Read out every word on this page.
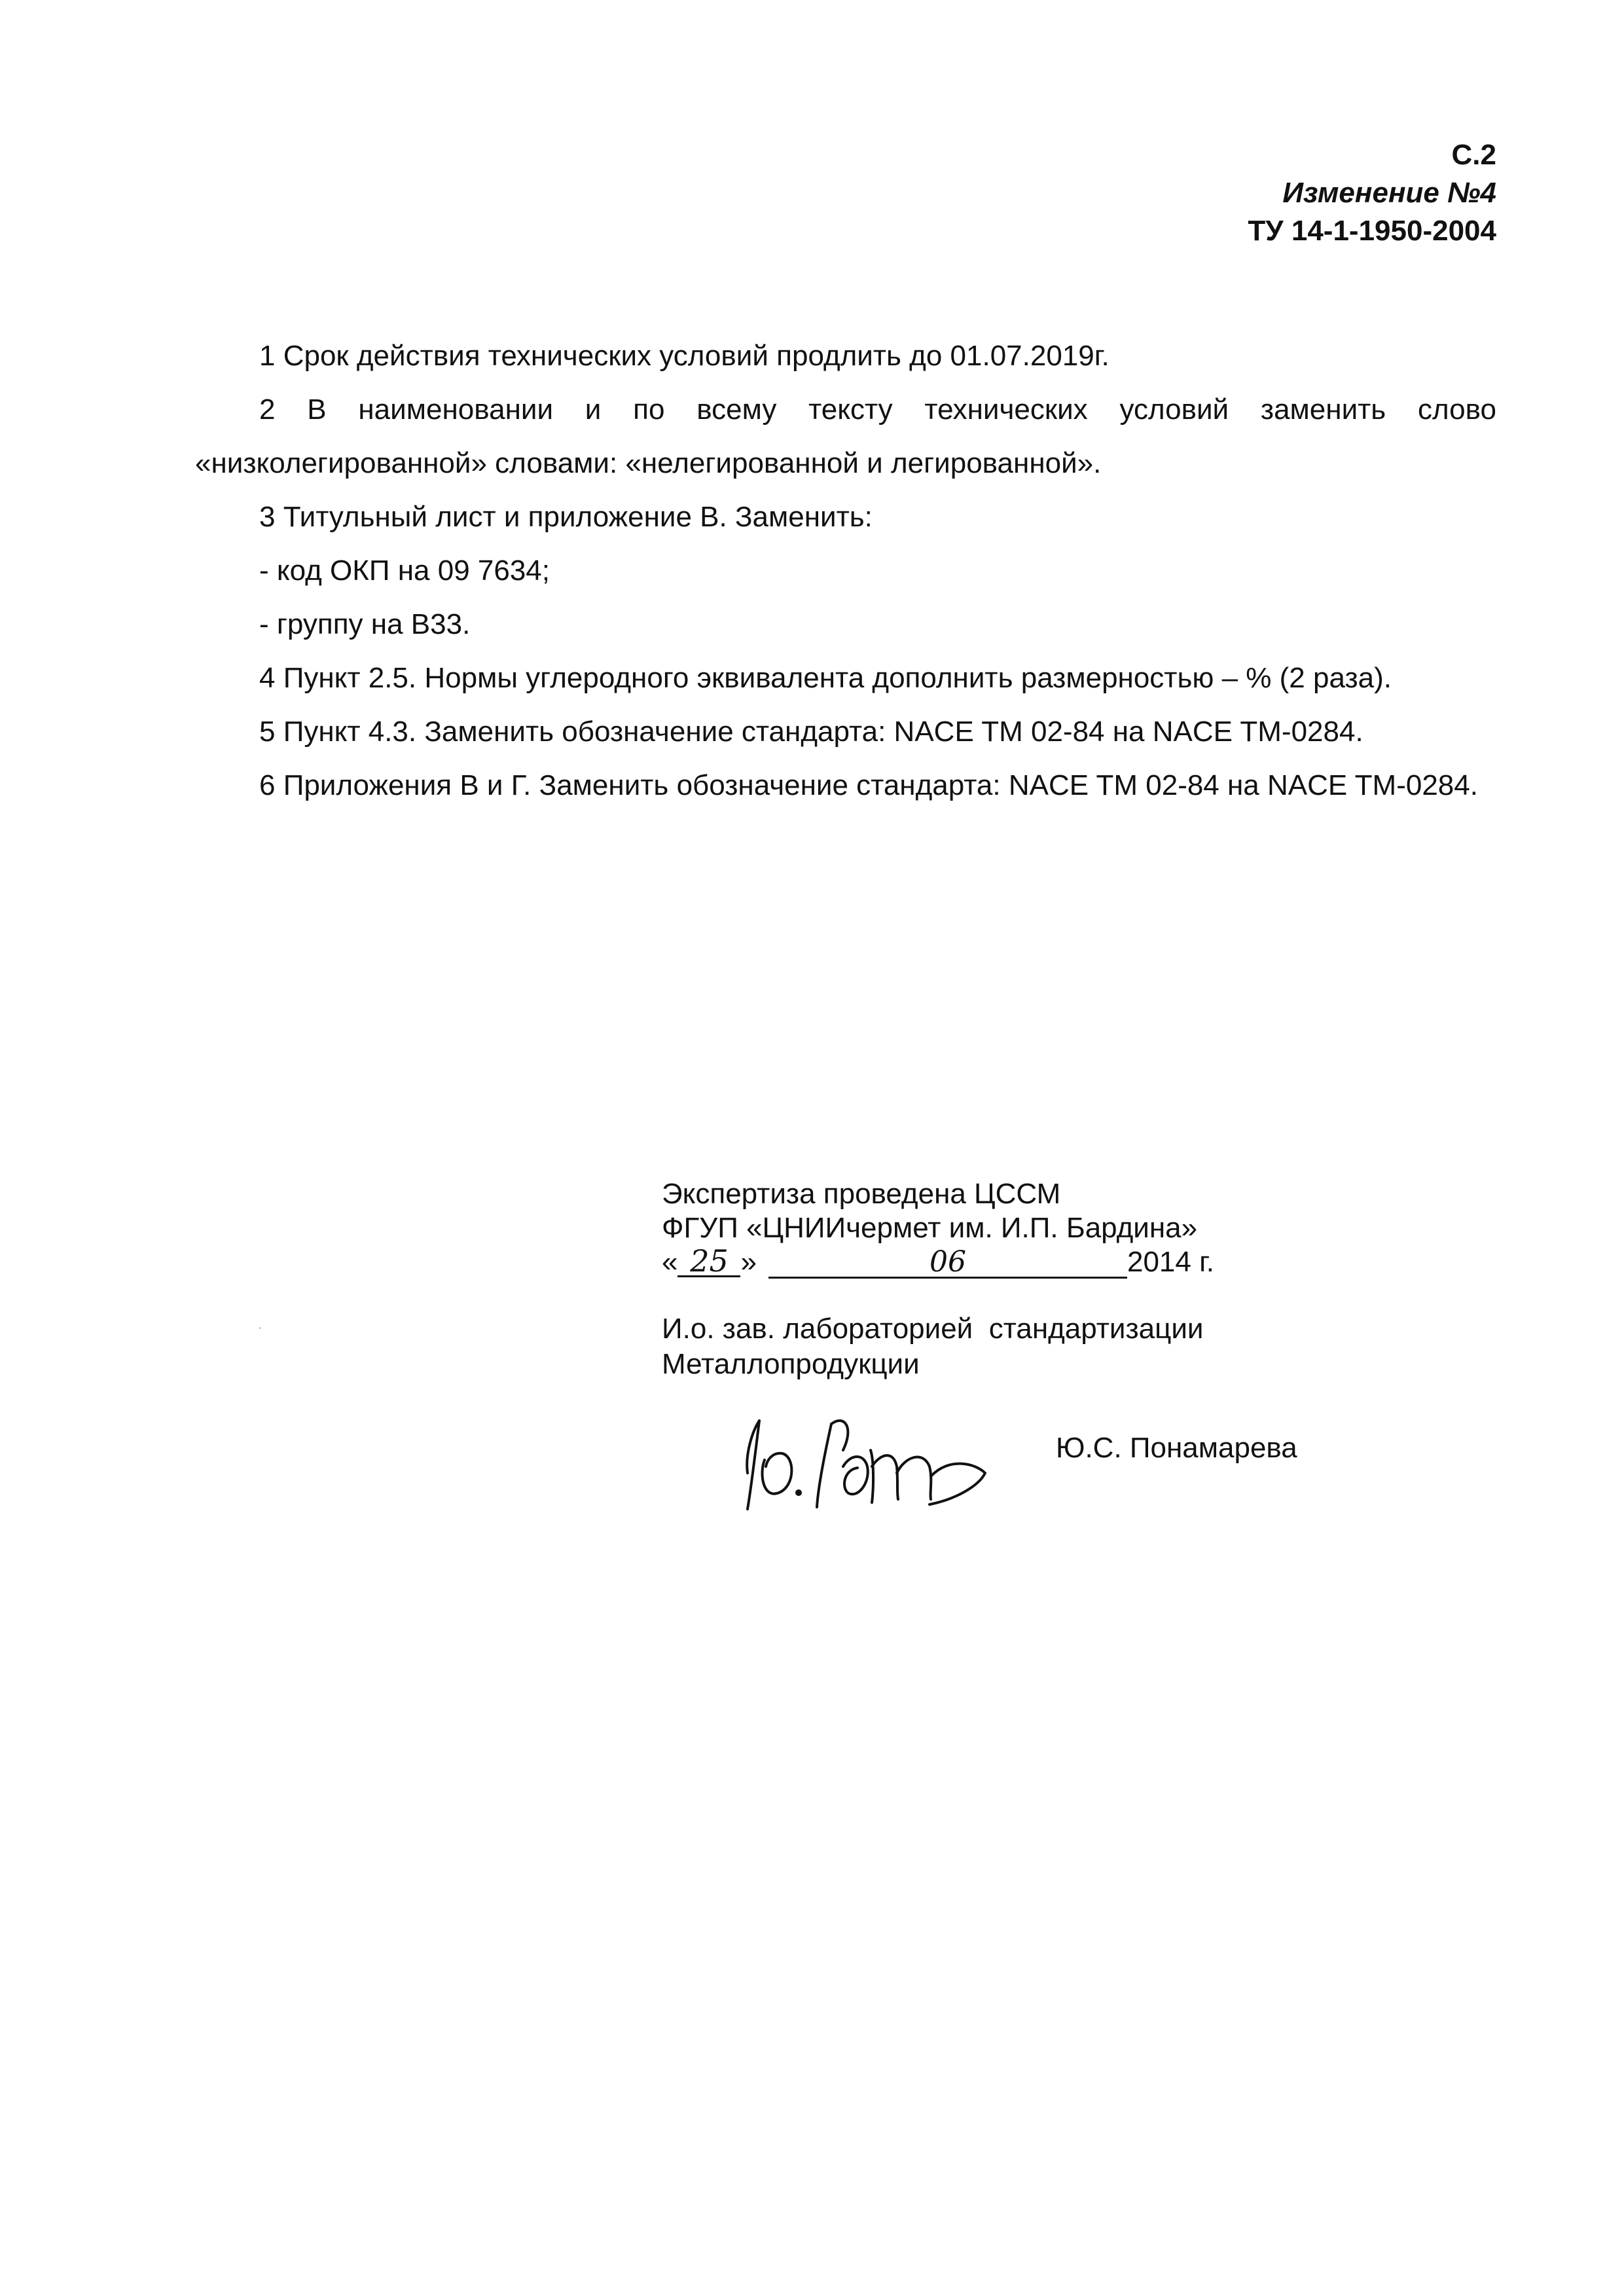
С.2
Изменение №4
ТУ 14-1-1950-2004

1 Срок действия технических условий продлить до 01.07.2019г.

2 В наименовании и по всему тексту технических условий заменить слово «низколегированной» словами: «нелегированной и легированной».

3 Титульный лист и приложение В. Заменить:

- код ОКП на 09 7634;

- группу на В33.

4 Пункт 2.5. Нормы углеродного эквивалента дополнить размерностью – % (2 раза).

5 Пункт 4.3. Заменить обозначение стандарта: NACE TM 02-84 на NACE TM-0284.

6 Приложения В и Г. Заменить обозначение стандарта: NACE TM 02-84 на NACE TM-0284.

Экспертиза проведена ЦССМ
ФГУП «ЦНИИчермет им. И.П. Бардина»
« 25 »	06	2014 г.
И.о. зав. лабораторией  стандартизации
Металлопродукции
Ю.С. Понамарева
